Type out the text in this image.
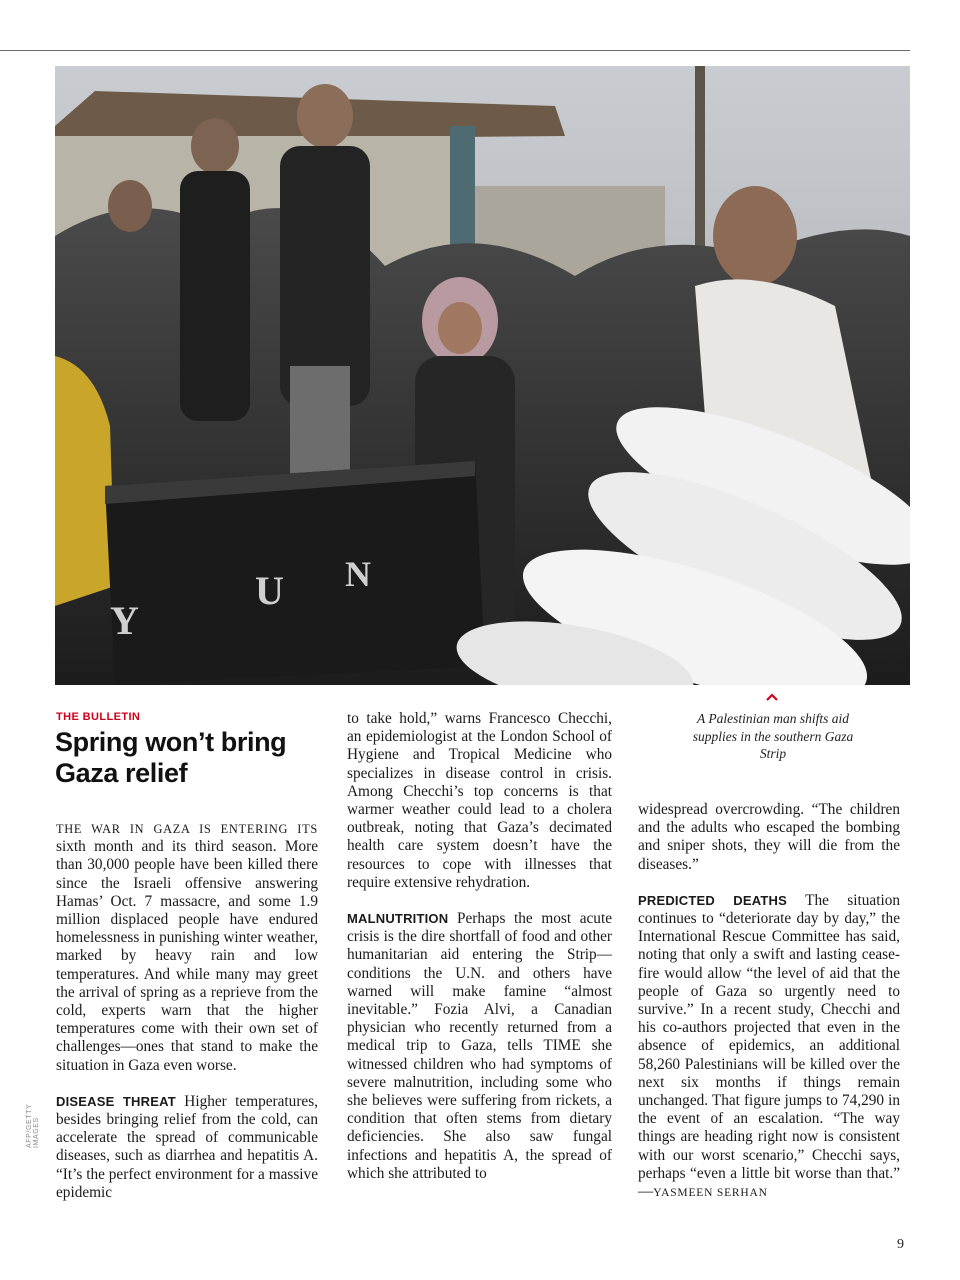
Y
U N
A Palestinian man shifts aid supplies in the southern Gaza Strip
AFP/GETTY IMAGES
THE BULLETIN
Spring won’t bring Gaza relief

THE WAR IN GAZA IS ENTERING ITS sixth month and its third season. More than 30,000 people have been killed there since the Israeli offensive answering Hamas’ Oct. 7 massacre, and some 1.9 million displaced people have endured homelessness in punishing winter weather, marked by heavy rain and low temperatures. And while many may greet the arrival of spring as a reprieve from the cold, experts warn that the higher temperatures come with their own set of challenges—ones that stand to make the situation in Gaza even worse.

DISEASE THREAT Higher temperatures, besides bringing relief from the cold, can accelerate the spread of communicable diseases, such as diarrhea and hepatitis A. “It’s the perfect environment for a massive epidemic

to take hold,” warns Francesco Checchi, an epidemiologist at the London School of Hygiene and Tropical Medicine who specializes in disease control in crisis. Among Checchi’s top concerns is that warmer weather could lead to a cholera outbreak, noting that Gaza’s decimated health care system doesn’t have the resources to cope with illnesses that require extensive rehydration.

MALNUTRITION Perhaps the most acute crisis is the dire shortfall of food and other humanitarian aid entering the Strip—conditions the U.N. and others have warned will make famine “almost inevitable.” Fozia Alvi, a Canadian physician who recently returned from a medical trip to Gaza, tells TIME she witnessed children who had symptoms of severe malnutrition, including some who she believes were suffering from rickets, a condition that often stems from dietary deficiencies. She also saw fungal infections and hepatitis A, the spread of which she attributed to

widespread overcrowding. “The children and the adults who escaped the bombing and sniper shots, they will die from the diseases.”

PREDICTED DEATHS The situation continues to “deteriorate day by day,” the International Rescue Committee has said, noting that only a swift and lasting cease-fire would allow “the level of aid that the people of Gaza so urgently need to survive.” In a recent study, Checchi and his co-authors projected that even in the absence of epidemics, an additional 58,260 Palestinians will be killed over the next six months if things remain unchanged. That figure jumps to 74,290 in the event of an escalation. “The way things are heading right now is consistent with our worst scenario,” Checchi says, perhaps “even a little bit worse than that.” —YASMEEN SERHAN

9
